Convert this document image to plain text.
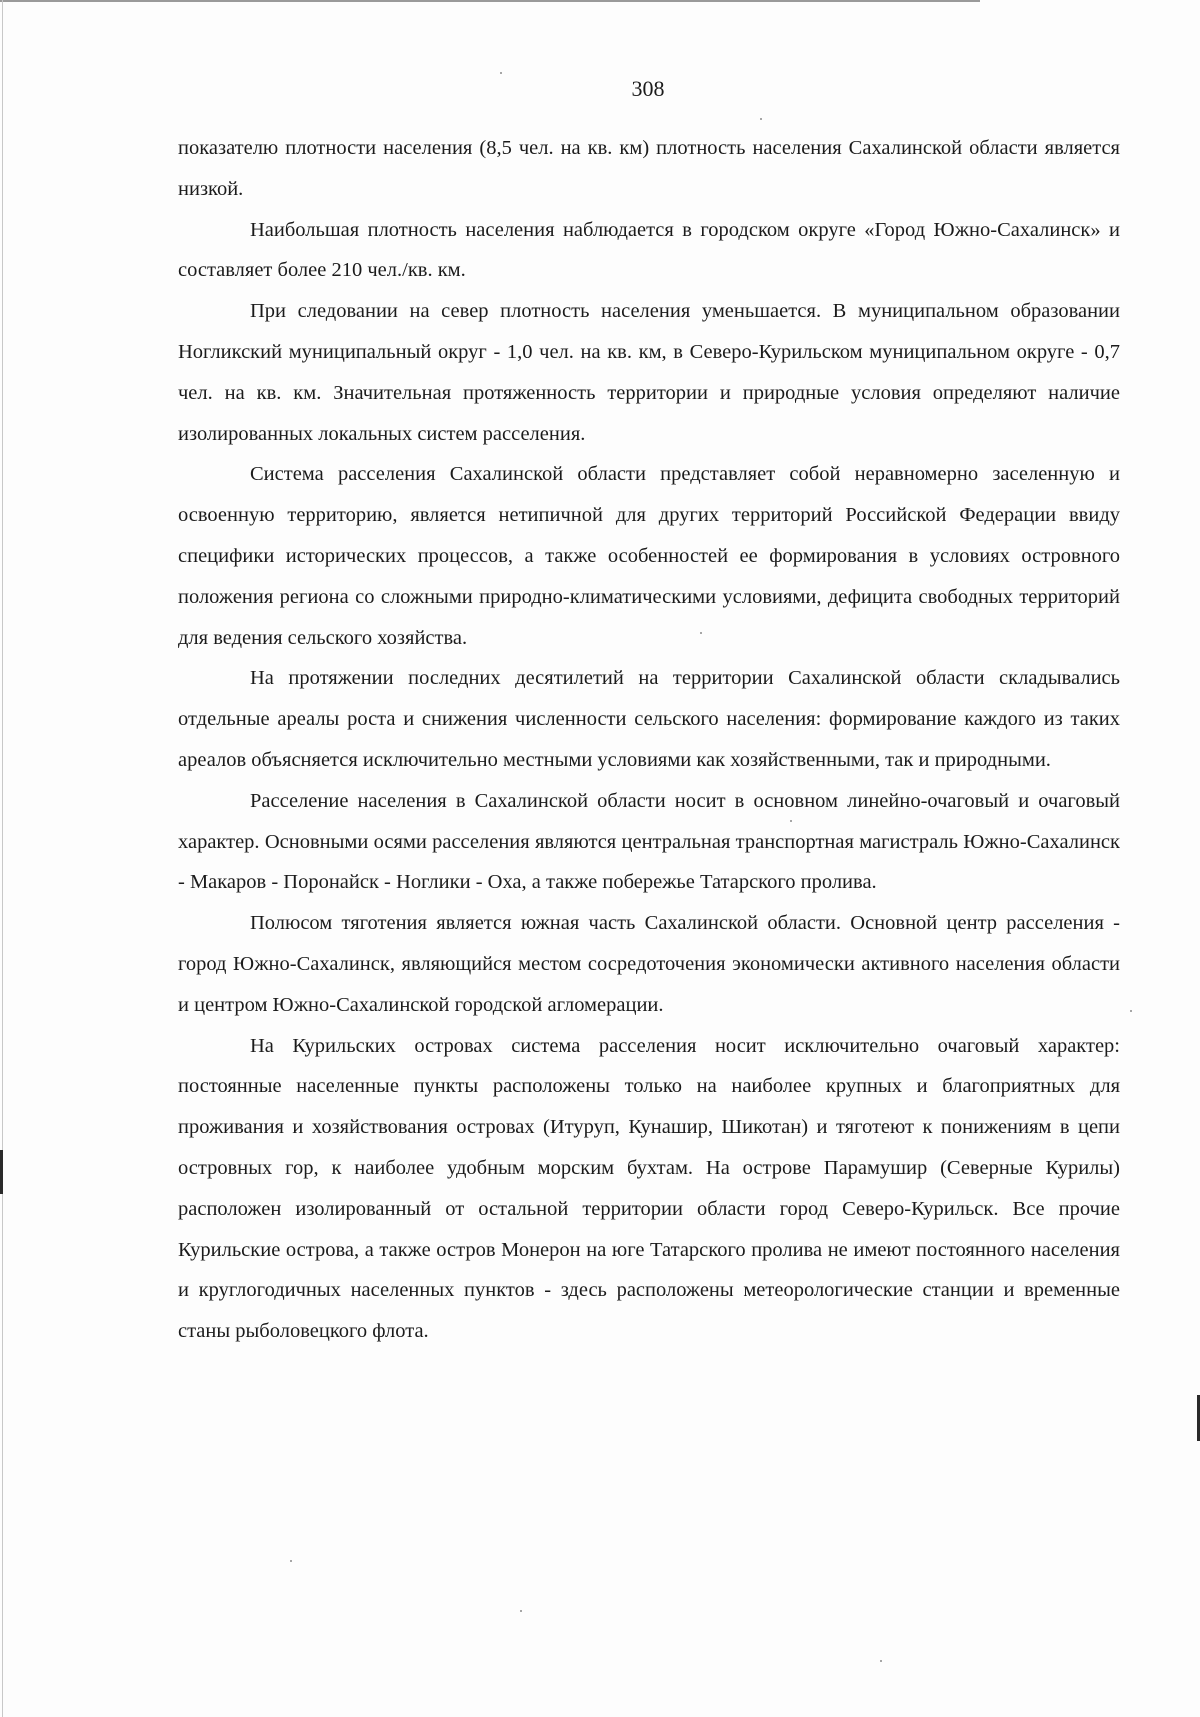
308

показателю плотности населения (8,5 чел. на кв. км) плотность населения Сахалинской области является низкой.

Наибольшая плотность населения наблюдается в городском округе «Город Южно-Сахалинск» и составляет более 210 чел./кв. км.

При следовании на север плотность населения уменьшается. В муниципальном образовании Ногликский муниципальный округ - 1,0 чел. на кв. км, в Северо-Курильском муниципальном округе - 0,7 чел. на кв. км. Значительная протяженность территории и природные условия определяют наличие изолированных локальных систем расселения.

Система расселения Сахалинской области представляет собой неравномерно заселенную и освоенную территорию, является нетипичной для других территорий Российской Федерации ввиду специфики исторических процессов, а также особенностей ее формирования в условиях островного положения региона со сложными природно-климатическими условиями, дефицита свободных территорий для ведения сельского хозяйства.

На протяжении последних десятилетий на территории Сахалинской области складывались отдельные ареалы роста и снижения численности сельского населения: формирование каждого из таких ареалов объясняется исключительно местными условиями как хозяйственными, так и природными.

Расселение населения в Сахалинской области носит в основном линейно-очаговый и очаговый характер. Основными осями расселения являются центральная транспортная магистраль Южно-Сахалинск - Макаров - Поронайск - Ноглики - Оха, а также побережье Татарского пролива.

Полюсом тяготения является южная часть Сахалинской области. Основной центр расселения - город Южно-Сахалинск, являющийся местом сосредоточения экономически активного населения области и центром Южно-Сахалинской городской агломерации.

На Курильских островах система расселения носит исключительно очаговый характер: постоянные населенные пункты расположены только на наиболее крупных и благоприятных для проживания и хозяйствования островах (Итуруп, Кунашир, Шикотан) и тяготеют к понижениям в цепи островных гор, к наиболее удобным морским бухтам. На острове Парамушир (Северные Курилы) расположен изолированный от остальной территории области город Северо-Курильск. Все прочие Курильские острова, а также остров Монерон на юге Татарского пролива не имеют постоянного населения и круглогодичных населенных пунктов - здесь расположены метеорологические станции и временные станы рыболовецкого флота.
